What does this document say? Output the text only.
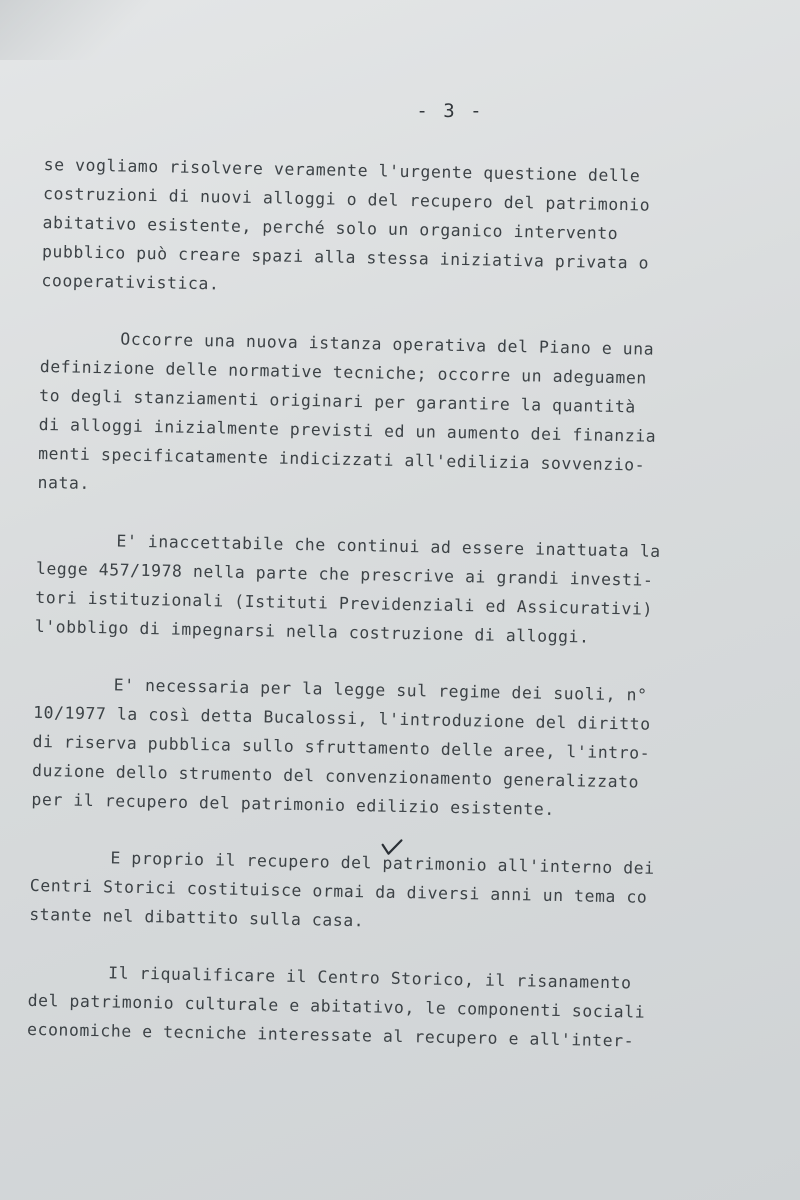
- 3 -
se vogliamo risolvere veramente l'urgente questione delle
costruzioni di nuovi alloggi o del recupero del patrimonio
abitativo esistente, perché solo un organico intervento
pubblico può creare spazi alla stessa iniziativa privata o
cooperativistica.
Occorre una nuova istanza operativa del Piano e una
definizione delle normative tecniche; occorre un adeguamen
to degli stanziamenti originari per garantire la quantità
di alloggi inizialmente previsti ed un aumento dei finanzia
menti specificatamente indicizzati all'edilizia sovvenzio-
nata.
E' inaccettabile che continui ad essere inattuata la
legge 457/1978 nella parte che prescrive ai grandi investi-
tori istituzionali (Istituti Previdenziali ed Assicurativi)
l'obbligo di impegnarsi nella costruzione di alloggi.
E' necessaria per la legge sul regime dei suoli, n°
10/1977 la così detta Bucalossi, l'introduzione del diritto
di riserva pubblica sullo sfruttamento delle aree, l'intro-
duzione dello strumento del convenzionamento generalizzato
per il recupero del patrimonio edilizio esistente.
E proprio il recupero del patrimonio all'interno dei
Centri Storici costituisce ormai da diversi anni un tema co
stante nel dibattito sulla casa.
Il riqualificare il Centro Storico, il risanamento
del patrimonio culturale e abitativo, le componenti sociali
economiche e tecniche interessate al recupero e all'inter-
